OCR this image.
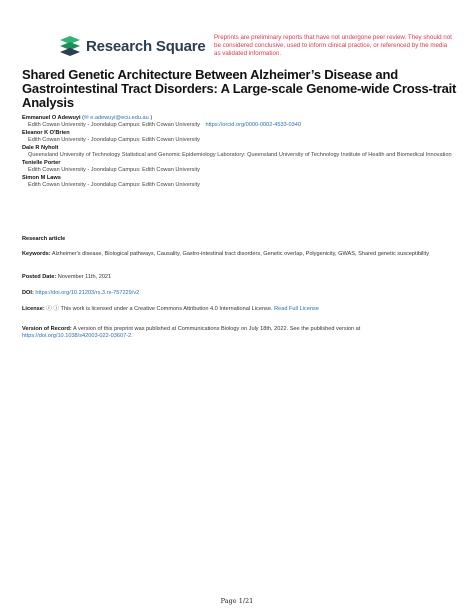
Research Square Preprints are preliminary reports that have not undergone peer review. They should not be considered conclusive, used to inform clinical practice, or referenced by the media as validated information.
Shared Genetic Architecture Between Alzheimer’s Disease and Gastrointestinal Tract Disorders: A Large-scale Genome-wide Cross-trait Analysis
Emmanuel O Adewuyi (✉ e.adewuyi@ecu.edu.au )
Edith Cowan University - Joondalup Campus: Edith Cowan University https://orcid.org/0000-0002-4533-0340
Eleanor K O'Brien
Edith Cowan University - Joondalup Campus: Edith Cowan University
Dale R Nyholt
Queensland University of Technology Statistical and Genomic Epidemiology Laboratory: Queensland University of Technology Institute of Health and Biomedical Innovation
Tenielle Porter
Edith Cowan University - Joondalup Campus: Edith Cowan University
Simon M Laws
Edith Cowan University - Joondalup Campus: Edith Cowan University
Research article
Keywords: Alzheimer's disease, Biological pathways, Causality, Gastro-intestinal tract disorders, Genetic overlap, Polygenicity, GWAS, Shared genetic susceptibility
Posted Date: November 11th, 2021
DOI: https://doi.org/10.21203/rs.3.rs-757229/v2
License: ⓒ ⓘ This work is licensed under a Creative Commons Attribution 4.0 International License. Read Full License
Version of Record: A version of this preprint was published at Communications Biology on July 18th, 2022. See the published version at
https://doi.org/10.1038/s42003-022-03607-2.
Page 1/21
